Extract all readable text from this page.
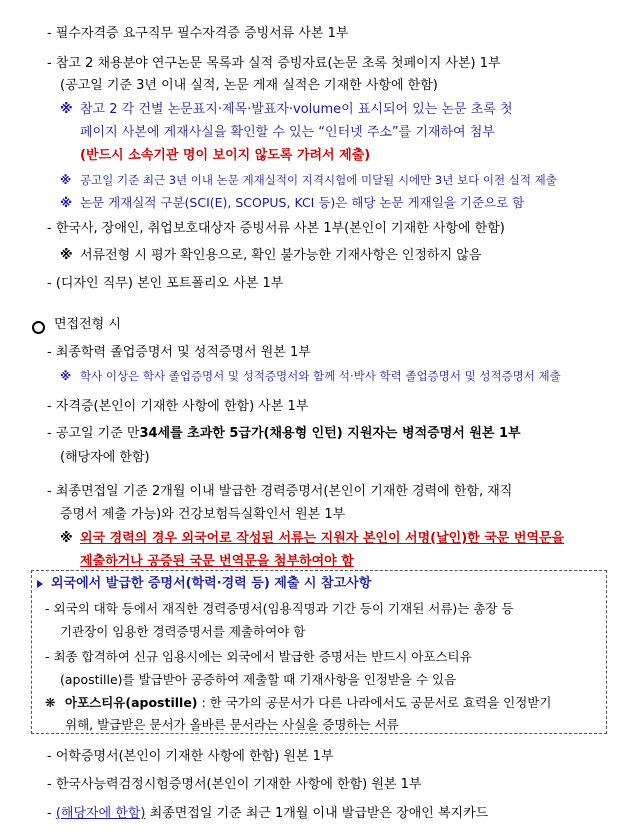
- 필수자격증 요구직무 필수자격증 증빙서류 사본 1부
- 참고 2 채용분야 연구논문 목록과 실적 증빙자료(논문 초록 첫페이지 사본) 1부
(공고일 기준 3년 이내 실적, 논문 게재 실적은 기재한 사항에 한함)
※ 참고 2 각 건별 논문표지·제목·발표자·volume이 표시되어 있는 논문 초록 첫
페이지 사본에 게재사실을 확인할 수 있는 “인터넷 주소”를 기재하여 첨부
(반드시 소속기관 명이 보이지 않도록 가려서 제출)
※ 공고일 기준 최근 3년 이내 논문 게재실적이 지격시험에 미달될 시에만 3년 보다 이전 실적 제출
※ 논문 게재실적 구분(SCI(E), SCOPUS, KCI 등)은 해당 논문 게재일을 기준으로 함
- 한국사, 장애인, 취업보호대상자 증빙서류 사본 1부(본인이 기재한 사항에 한함)
※ 서류전형 시 평가 확인용으로, 확인 불가능한 기재사항은 인정하지 않음
- (디자인 직무) 본인 포트폴리오 사본 1부
면접전형 시
- 최종학력 졸업증명서 및 성적증명서 원본 1부
※ 학사 이상은 학사 졸업증명서 및 성적증명서와 함께 석·박사 학력 졸업증명서 및 성적증명서 제출
- 자격증(본인이 기재한 사항에 한함) 사본 1부
- 공고일 기준 만34세를 초과한 5급가(채용형 인턴) 지원자는 병적증명서 원본 1부
(해당자에 한함)
- 최종면접일 기준 2개월 이내 발급한 경력증명서(본인이 기재한 경력에 한함, 재직
증명서 제출 가능)와 건강보험득실확인서 원본 1부
※ 외국 경력의 경우 외국어로 작성된 서류는 지원자 본인이 서명(날인)한 국문 번역문을
제출하거나 공증된 국문 번역문을 첨부하여야 함
외국에서 발급한 증명서(학력·경력 등) 제출 시 참고사항
- 외국의 대학 등에서 재직한 경력증명서(임용직명과 기간 등이 기재된 서류)는 총장 등
기관장이 임용한 경력증명서를 제출하여야 함
- 최종 합격하여 신규 임용시에는 외국에서 발급한 증명서는 반드시 아포스티유
(apostille)를 발급받아 공증하여 제출할 때 기재사항을 인정받을 수 있음
❋ 아포스티유(apostille) : 한 국가의 공문서가 다른 나라에서도 공문서로 효력을 인정받기
위해, 발급받은 문서가 올바른 문서라는 사실을 증명하는 서류
- 어학증명서(본인이 기재한 사항에 한함) 원본 1부
- 한국사능력검정시험증명서(본인이 기재한 사항에 한함) 원본 1부
- (해당자에 한함) 최종면접일 기준 최근 1개월 이내 발급받은 장애인 복지카드
